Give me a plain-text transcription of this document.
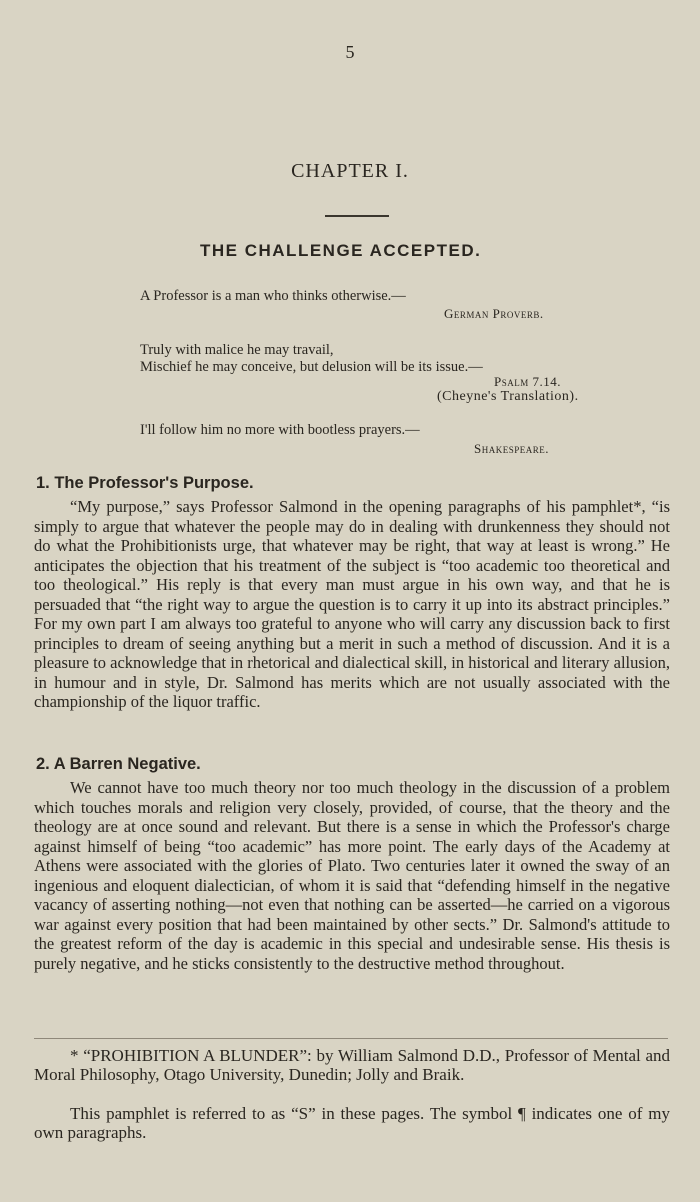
5
CHAPTER I.
THE CHALLENGE ACCEPTED.
A Professor is a man who thinks otherwise.—
German Proverb.
Truly with malice he may travail,
Mischief he may conceive, but delusion will be its issue.—
Psalm 7.14.
(Cheyne's Translation).
I'll follow him no more with bootless prayers.—
Shakespeare.
1. The Professor's Purpose.

“My purpose,” says Professor Salmond in the opening paragraphs of his pamphlet*, “is simply to argue that whatever the people may do in dealing with drunkenness they should not do what the Prohibitionists urge, that whatever may be right, that way at least is wrong.” He anticipates the objection that his treatment of the subject is “too academic too theoretical and too theological.” His reply is that every man must argue in his own way, and that he is persuaded that “the right way to argue the question is to carry it up into its abstract principles.” For my own part I am always too grateful to anyone who will carry any discussion back to first principles to dream of seeing anything but a merit in such a method of discussion. And it is a pleasure to acknowledge that in rhetorical and dialectical skill, in historical and literary allusion, in humour and in style, Dr. Salmond has merits which are not usually associated with the championship of the liquor traffic.

2. A Barren Negative.

We cannot have too much theory nor too much theology in the discussion of a problem which touches morals and religion very closely, provided, of course, that the theory and the theology are at once sound and relevant. But there is a sense in which the Professor's charge against himself of being “too academic” has more point. The early days of the Academy at Athens were associated with the glories of Plato. Two centuries later it owned the sway of an ingenious and eloquent dialectician, of whom it is said that “defending himself in the negative vacancy of asserting nothing—not even that nothing can be asserted—he carried on a vigorous war against every position that had been maintained by other sects.” Dr. Salmond's attitude to the greatest reform of the day is academic in this special and undesirable sense. His thesis is purely negative, and he sticks consistently to the destructive method throughout.

* “PROHIBITION A BLUNDER”: by William Salmond D.D., Professor of Mental and Moral Philosophy, Otago University, Dunedin; Jolly and Braik.

This pamphlet is referred to as “S” in these pages. The symbol ¶ indicates one of my own paragraphs.
